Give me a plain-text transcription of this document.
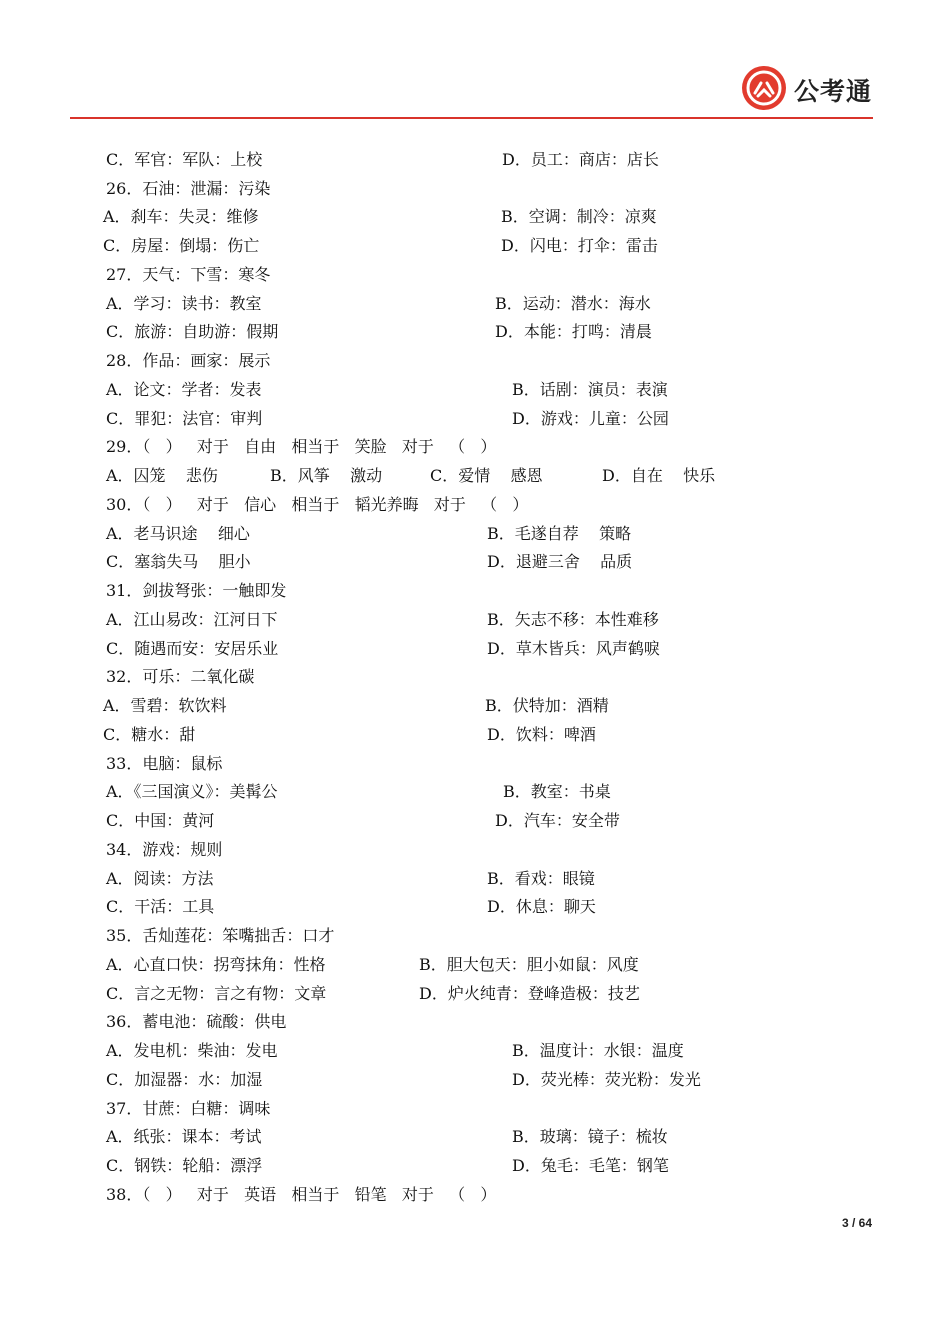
公考通
C．军官：军队：上校	D．员工：商店：店长
26．石油：泄漏：污染
A．刹车：失灵：维修	B．空调：制冷：凉爽
C．房屋：倒塌：伤亡	D．闪电：打伞：雷击
27．天气：下雪：寒冬
A．学习：读书：教室	B．运动：潜水：海水
C．旅游：自助游：假期	D．本能：打鸣：清晨
28．作品：画家：展示
A．论文：学者：发表	B．话剧：演员：表演
C．罪犯：法官：审判	D．游戏：儿童：公园
29．（   ）   对于   自由   相当于   笑脸   对于   （   ）
A．囚笼    悲伤	B．风筝    激动	C．爱情    感恩	D．自在    快乐
30．（   ）   对于   信心   相当于   韬光养晦   对于   （   ）
A．老马识途    细心	B．毛遂自荐    策略
C．塞翁失马    胆小	D．退避三舍    品质
31．剑拔弩张：一触即发
A．江山易改：江河日下	B．矢志不移：本性难移
C．随遇而安：安居乐业	D．草木皆兵：风声鹤唳
32．可乐：二氧化碳
A．雪碧：软饮料	B．伏特加：酒精
C．糖水：甜	D．饮料：啤酒
33．电脑：鼠标
A．《三国演义》：美髯公	B．教室：书桌
C．中国：黄河	D．汽车：安全带
34．游戏：规则
A．阅读：方法	B．看戏：眼镜
C．干活：工具	D．休息：聊天
35．舌灿莲花：笨嘴拙舌：口才
A．心直口快：拐弯抹角：性格	B．胆大包天：胆小如鼠：风度
C．言之无物：言之有物：文章	D．炉火纯青：登峰造极：技艺
36．蓄电池：硫酸：供电
A．发电机：柴油：发电	B．温度计：水银：温度
C．加湿器：水：加湿	D．荧光棒：荧光粉：发光
37．甘蔗：白糖：调味
A．纸张：课本：考试	B．玻璃：镜子：梳妆
C．钢铁：轮船：漂浮	D．兔毛：毛笔：钢笔
38．（   ）   对于   英语   相当于   铅笔   对于   （   ）
3 / 64
